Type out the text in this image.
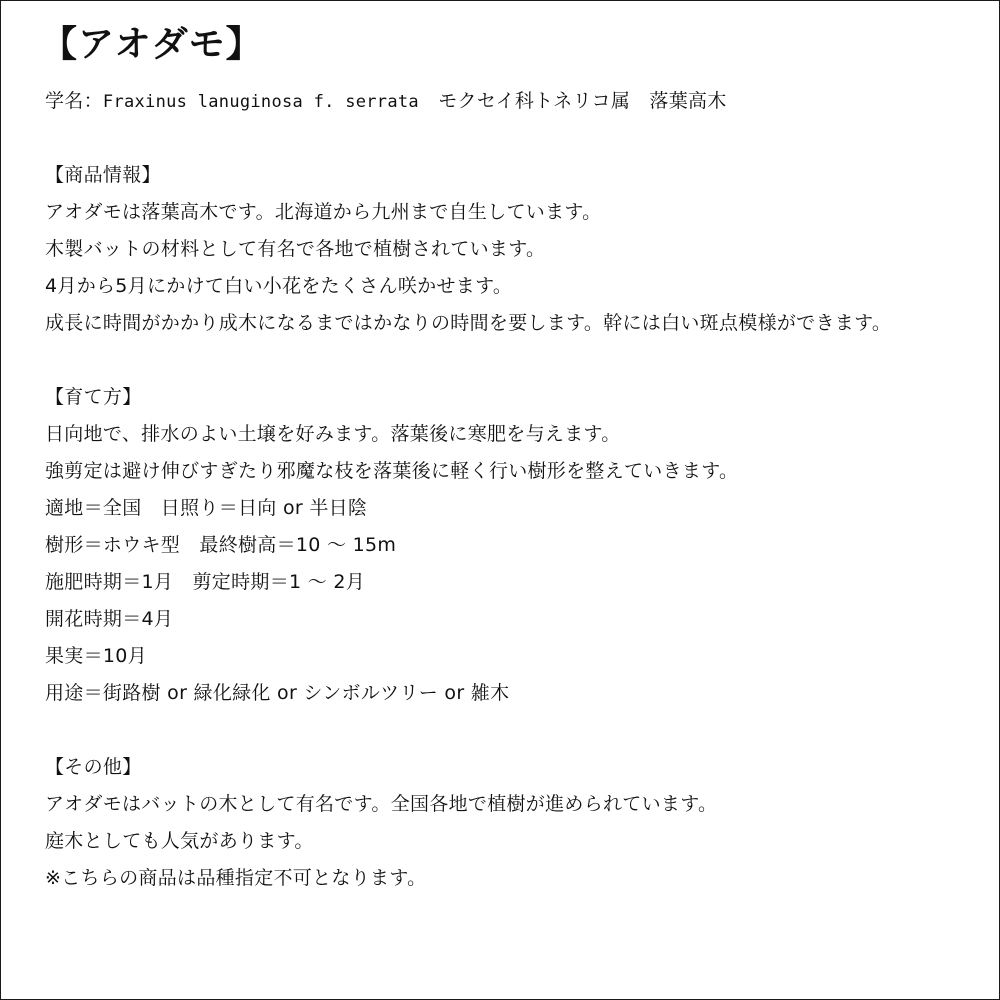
【アオダモ】

学名：Fraxinus lanuginosa f. serrata　モクセイ科トネリコ属　落葉高木

【商品情報】

アオダモは落葉高木です。北海道から九州まで自生しています。

木製バットの材料として有名で各地で植樹されています。

4月から5月にかけて白い小花をたくさん咲かせます。

成長に時間がかかり成木になるまではかなりの時間を要します。幹には白い斑点模様ができます。

【育て方】

日向地で、排水のよい土壌を好みます。落葉後に寒肥を与えます。

強剪定は避け伸びすぎたり邪魔な枝を落葉後に軽く行い樹形を整えていきます。

適地＝全国　日照り＝日向 or 半日陰

樹形＝ホウキ型　最終樹高＝10 ～ 15m

施肥時期＝1月　剪定時期＝1 ～ 2月

開花時期＝4月

果実＝10月

用途＝街路樹 or 緑化緑化 or シンボルツリー or 雑木

【その他】

アオダモはバットの木として有名です。全国各地で植樹が進められています。

庭木としても人気があります。

※こちらの商品は品種指定不可となります。
